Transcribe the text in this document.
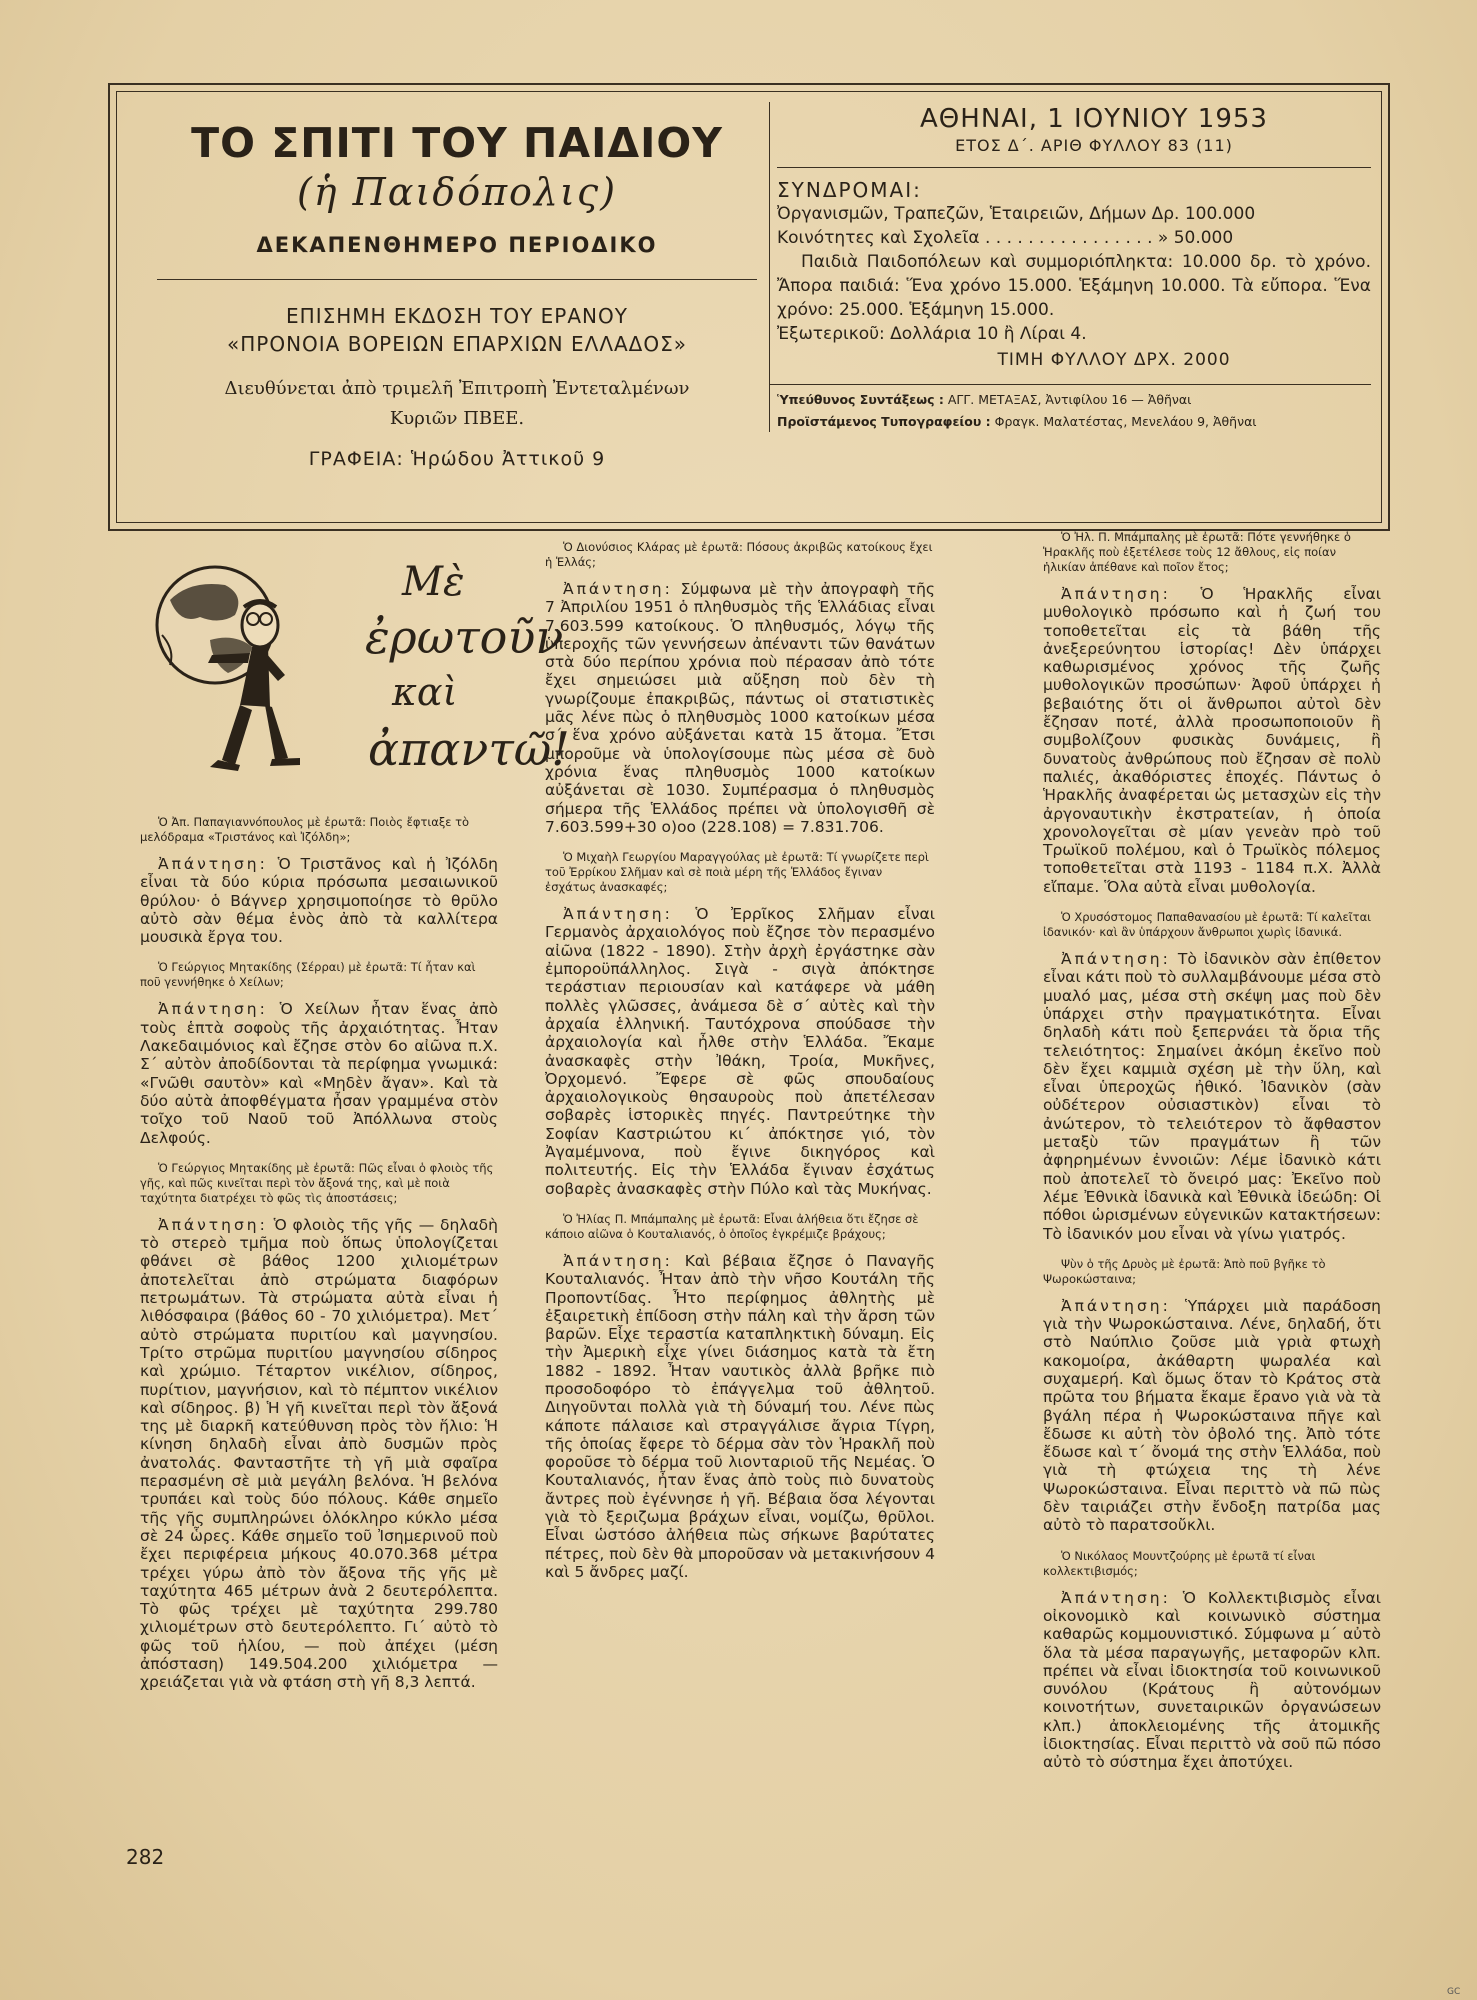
ΤΟ ΣΠΙΤΙ ΤΟΥ ΠΑΙΔΙΟΥ
(ἡ Παιδόπολις)
ΔΕΚΑΠΕΝΘΗΜΕΡΟ ΠΕΡΙΟΔΙΚΟ
ΕΠΙΣΗΜΗ ΕΚΔΟΣΗ ΤΟΥ ΕΡΑΝΟΥ
«ΠΡΟΝΟΙΑ ΒΟΡΕΙΩΝ ΕΠΑΡΧΙΩΝ ΕΛΛΑΔΟΣ»
Διευθύνεται ἀπὸ τριμελῆ Ἐπιτροπὴ Ἐντεταλμένων
Κυριῶν ΠΒΕΕ.
ΓΡΑΦΕΙΑ: Ἡρώδου Ἀττικοῦ 9
ΑΘΗΝΑΙ, 1 ΙΟΥΝΙΟΥ 1953
ΕΤΟΣ Δ΄. ΑΡΙΘ ΦΥΛΛΟΥ 83 (11)
ΣΥΝΔΡΟΜΑΙ:
Ὀργανισμῶν, Τραπεζῶν, Ἑταιρειῶν, Δήμων Δρ. 100.000
Κοινότητες καὶ Σχολεῖα . . . . . . . . . . . . . . . . » 50.000
Παιδιὰ Παιδοπόλεων καὶ συμμοριόπληκτα: 10.000 δρ. τὸ χρόνο. Ἄπορα παιδιά: Ἕνα χρόνο 15.000. Ἑξάμηνη 10.000. Τὰ εὔπορα. Ἕνα χρόνο: 25.000. Ἑξάμηνη 15.000.
Ἐξωτερικοῦ: Δολλάρια 10 ἢ Λίραι 4.
ΤΙΜΗ ΦΥΛΛΟΥ ΔΡΧ. 2000
Ὑπεύθυνος Συντάξεως : ΑΓΓ. ΜΕΤΑΞΑΣ, Ἀντιφίλου 16 — Ἀθῆναι
Προϊστάμενος Τυπογραφείου : Φραγκ. Μαλατέστας, Μενελάου 9, Ἀθῆναι
Μὲ
ἐρωτοῦν
καὶ
ἀπαντῶ!
Ὁ Ἀπ. Παπαγιαννόπουλος μὲ ἐρωτᾶ: Ποιὸς ἔφτιαξε τὸ μελόδραμα «Τριστάνος καὶ Ἰζόλδη»;
Ἀπάντηση: Ὁ Τριστᾶνος καὶ ἡ Ἰζόλδη εἶναι τὰ δύο κύρια πρόσωπα μεσαιωνικοῦ θρύλου· ὁ Βάγνερ χρησιμοποίησε τὸ θρῦλο αὐτὸ σὰν θέμα ἑνὸς ἀπὸ τὰ καλλίτερα μουσικὰ ἔργα του.
Ὁ Γεώργιος Μητακίδης (Σέρραι) μὲ ἐρωτᾶ: Τί ἦταν καὶ ποῦ γεννήθηκε ὁ Χείλων;
Ἀπάντηση: Ὁ Χείλων ἦταν ἕνας ἀπὸ τοὺς ἑπτὰ σοφοὺς τῆς ἀρχαιότητας. Ἦταν Λακεδαιμόνιος καὶ ἔζησε στὸν 6ο αἰῶνα π.Χ. Σ΄ αὐτὸν ἀποδίδονται τὰ περίφημα γνωμικά: «Γνῶθι σαυτὸν» καὶ «Μηδὲν ἄγαν». Καὶ τὰ δύο αὐτὰ ἀποφθέγματα ἦσαν γραμμένα στὸν τοῖχο τοῦ Ναοῦ τοῦ Ἀπόλλωνα στοὺς Δελφούς.
Ὁ Γεώργιος Μητακίδης μὲ ἐρωτᾶ: Πῶς εἶναι ὁ φλοιὸς τῆς γῆς, καὶ πῶς κινεῖται περὶ τὸν ἄξονά της, καὶ μὲ ποιὰ ταχύτητα διατρέχει τὸ φῶς τὶς ἀποστάσεις;
Ἀπάντηση: Ὁ φλοιὸς τῆς γῆς — δηλαδὴ τὸ στερεὸ τμῆμα ποὺ ὅπως ὑπολογίζεται φθάνει σὲ βάθος 1200 χιλιομέτρων ἀποτελεῖται ἀπὸ στρώματα διαφόρων πετρωμάτων. Τὰ στρώματα αὐτὰ εἶναι ἡ λιθόσφαιρα (βάθος 60 - 70 χιλιόμετρα). Μετ΄ αὐτὸ στρώματα πυριτίου καὶ μαγνησίου. Τρίτο στρῶμα πυριτίου μαγνησίου σίδηρος καὶ χρώμιο. Τέταρτον νικέλιον, σίδηρος, πυρίτιον, μαγνήσιον, καὶ τὸ πέμπτον νικέλιον καὶ σίδηρος. β) Ἡ γῆ κινεῖται περὶ τὸν ἄξονά της μὲ διαρκῆ κατεύθυνση πρὸς τὸν ἥλιο: Ἡ κίνηση δηλαδὴ εἶναι ἀπὸ δυσμῶν πρὸς ἀνατολάς. Φανταστῆτε τὴ γῆ μιὰ σφαῖρα περασμένη σὲ μιὰ μεγάλη βελόνα. Ἡ βελόνα τρυπάει καὶ τοὺς δύο πόλους. Κάθε σημεῖο τῆς γῆς συμπληρώνει ὁλόκληρο κύκλο μέσα σὲ 24 ὧρες. Κάθε σημεῖο τοῦ Ἰσημερινοῦ ποὺ ἔχει περιφέρεια μήκους 40.070.368 μέτρα τρέχει γύρω ἀπὸ τὸν ἄξονα τῆς γῆς μὲ ταχύτητα 465 μέτρων ἀνὰ 2 δευτερόλεπτα. Τὸ φῶς τρέχει μὲ ταχύτητα 299.780 χιλιομέτρων στὸ δευτερόλεπτο. Γι΄ αὐτὸ τὸ φῶς τοῦ ἡλίου, — ποὺ ἀπέχει (μέση ἀπόσταση) 149.504.200 χιλιόμετρα — χρειάζεται γιὰ νὰ φτάση στὴ γῆ 8,3 λεπτά.
Ὁ Διονύσιος Κλάρας μὲ ἐρωτᾶ: Πόσους ἀκριβῶς κατοίκους ἔχει ἡ Ἑλλάς;
Ἀπάντηση: Σύμφωνα μὲ τὴν ἀπογραφὴ τῆς 7 Ἀπριλίου 1951 ὁ πληθυσμὸς τῆς Ἑλλάδιας εἶναι 7.603.599 κατοίκους. Ὁ πληθυσμός, λόγῳ τῆς ὑπεροχῆς τῶν γεννήσεων ἀπέναντι τῶν θανάτων στὰ δύο περίπου χρόνια ποὺ πέρασαν ἀπὸ τότε ἔχει σημειώσει μιὰ αὔξηση ποὺ δὲν τὴ γνωρίζουμε ἐπακριβῶς, πάντως οἱ στατιστικὲς μᾶς λένε πὼς ὁ πληθυσμὸς 1000 κατοίκων μέσα σ΄ ἕνα χρόνο αὐξάνεται κατὰ 15 ἄτομα. Ἔτσι μποροῦμε νὰ ὑπολογίσουμε πὼς μέσα σὲ δυὸ χρόνια ἕνας πληθυσμὸς 1000 κατοίκων αὐξάνεται σὲ 1030. Συμπέρασμα ὁ πληθυσμὸς σήμερα τῆς Ἑλλάδος πρέπει νὰ ὑπολογισθῆ σὲ 7.603.599+30 ο)οο (228.108) = 7.831.706.
Ὁ Μιχαὴλ Γεωργίου Μαραγγούλας μὲ ἐρωτᾶ: Τί γνωρίζετε περὶ τοῦ Ἐρρίκου Σλῆμαν καὶ σὲ ποιὰ μέρη τῆς Ἑλλάδος ἔγιναν ἐσχάτως ἀνασκαφές;
Ἀπάντηση: Ὁ Ἐρρῖκος Σλῆμαν εἶναι Γερμανὸς ἀρχαιολόγος ποὺ ἔζησε τὸν περασμένο αἰῶνα (1822 - 1890). Στὴν ἀρχὴ ἐργάστηκε σὰν ἐμποροϋπάλληλος. Σιγὰ - σιγὰ ἀπόκτησε τεράστιαν περιουσίαν καὶ κατάφερε νὰ μάθη πολλὲς γλῶσσες, ἀνάμεσα δὲ σ΄ αὐτὲς καὶ τὴν ἀρχαία ἑλληνική. Ταυτόχρονα σπούδασε τὴν ἀρχαιολογία καὶ ἦλθε στὴν Ἑλλάδα. Ἔκαμε ἀνασκαφὲς στὴν Ἰθάκη, Τροία, Μυκῆνες, Ὀρχομενό. Ἔφερε σὲ φῶς σπουδαίους ἀρχαιολογικοὺς θησαυροὺς ποὺ ἀπετέλεσαν σοβαρὲς ἱστορικὲς πηγές. Παντρεύτηκε τὴν Σοφίαν Καστριώτου κι΄ ἀπόκτησε γιό, τὸν Ἀγαμέμνονα, ποὺ ἔγινε δικηγόρος καὶ πολιτευτής. Εἰς τὴν Ἑλλάδα ἔγιναν ἐσχάτως σοβαρὲς ἀνασκαφὲς στὴν Πύλο καὶ τὰς Μυκήνας.
Ὁ Ἠλίας Π. Μπάμπαλης μὲ ἐρωτᾶ: Εἶναι ἀλήθεια ὅτι ἔζησε σὲ κάποιο αἰῶνα ὁ Κουταλιανός, ὁ ὁποῖος ἐγκρέμιζε βράχους;
Ἀπάντηση: Καὶ βέβαια ἔζησε ὁ Παναγῆς Κουταλιανός. Ἦταν ἀπὸ τὴν νῆσο Κουτάλη τῆς Προποντίδας. Ἦτο περίφημος ἀθλητὴς μὲ ἐξαιρετικὴ ἐπίδοση στὴν πάλη καὶ τὴν ἄρση τῶν βαρῶν. Εἶχε τεραστία καταπληκτικὴ δύναμη. Εἰς τὴν Ἀμερικὴ εἶχε γίνει διάσημος κατὰ τὰ ἔτη 1882 - 1892. Ἦταν ναυτικὸς ἀλλὰ βρῆκε πιὸ προσοδοφόρο τὸ ἐπάγγελμα τοῦ ἀθλητοῦ. Διηγοῦνται πολλὰ γιὰ τὴ δύναμή του. Λένε πὼς κάποτε πάλαισε καὶ στραγγάλισε ἄγρια Τίγρη, τῆς ὁποίας ἔφερε τὸ δέρμα σὰν τὸν Ἡρακλῆ ποὺ φοροῦσε τὸ δέρμα τοῦ λιονταριοῦ τῆς Νεμέας. Ὁ Κουταλιανός, ἦταν ἕνας ἀπὸ τοὺς πιὸ δυνατοὺς ἄντρες ποὺ ἐγέννησε ἡ γῆ. Βέβαια ὅσα λέγονται γιὰ τὸ ξεριζωμα βράχων εἶναι, νομίζω, θρῦλοι. Εἶναι ὡστόσο ἀλήθεια πὼς σήκωνε βαρύτατες πέτρες, ποὺ δὲν θὰ μποροῦσαν νὰ μετακινήσουν 4 καὶ 5 ἄνδρες μαζί.
Ὁ Ἠλ. Π. Μπάμπαλης μὲ ἐρωτᾶ: Πότε γεννήθηκε ὁ Ἡρακλῆς ποὺ ἐξετέλεσε τοὺς 12 ἄθλους, εἰς ποίαν ἡλικίαν ἀπέθανε καὶ ποῖον ἔτος;
Ἀπάντηση: Ὁ Ἡρακλῆς εἶναι μυθολογικὸ πρόσωπο καὶ ἡ ζωή του τοποθετεῖται εἰς τὰ βάθη τῆς ἀνεξερεύνητου ἱστορίας! Δὲν ὑπάρχει καθωρισμένος χρόνος τῆς ζωῆς μυθολογικῶν προσώπων· Ἀφοῦ ὑπάρχει ἡ βεβαιότης ὅτι οἱ ἄνθρωποι αὐτοὶ δὲν ἔζησαν ποτέ, ἀλλὰ προσωποποιοῦν ἢ συμβολίζουν φυσικὰς δυνάμεις, ἢ δυνατοὺς ἀνθρώπους ποὺ ἔζησαν σὲ πολὺ παλιές, ἀκαθόριστες ἐποχές. Πάντως ὁ Ἡρακλῆς ἀναφέρεται ὡς μετασχὼν εἰς τὴν ἀργοναυτικὴν ἐκστρατείαν, ἡ ὁποία χρονολογεῖται σὲ μίαν γενεὰν πρὸ τοῦ Τρωϊκοῦ πολέμου, καὶ ὁ Τρωϊκὸς πόλεμος τοποθετεῖται στὰ 1193 - 1184 π.Χ. Ἀλλὰ εἴπαμε. Ὅλα αὐτὰ εἶναι μυθολογία.
Ὁ Χρυσόστομος Παπαθανασίου μὲ ἐρωτᾶ: Τί καλεῖται ἰδανικόν· καὶ ἂν ὑπάρχουν ἄνθρωποι χωρὶς ἰδανικά.
Ἀπάντηση: Τὸ ἰδανικὸν σὰν ἐπίθετον εἶναι κάτι ποὺ τὸ συλλαμβάνουμε μέσα στὸ μυαλό μας, μέσα στὴ σκέψη μας ποὺ δὲν ὑπάρχει στὴν πραγματικότητα. Εἶναι δηλαδὴ κάτι ποὺ ξεπερνάει τὰ ὅρια τῆς τελειότητος: Σημαίνει ἀκόμη ἐκεῖνο ποὺ δὲν ἔχει καμμιὰ σχέση μὲ τὴν ὕλη, καὶ εἶναι ὑπεροχῶς ἠθικό. Ἰδανικὸν (σὰν οὐδέτερον οὐσιαστικὸν) εἶναι τὸ ἀνώτερον, τὸ τελειότερον τὸ ἄφθαστον μεταξὺ τῶν πραγμάτων ἢ τῶν ἀφηρημένων ἐννοιῶν: Λέμε ἰδανικὸ κάτι ποὺ ἀποτελεῖ τὸ ὄνειρό μας: Ἐκεῖνο ποὺ λέμε Ἐθνικὰ ἰδανικὰ καὶ Ἐθνικὰ ἰδεώδη: Οἱ πόθοι ὡρισμένων εὐγενικῶν κατακτήσεων: Τὸ ἰδανικόν μου εἶναι νὰ γίνω γιατρός.
Ψὺν ὁ τῆς Δρυὸς μὲ ἐρωτᾶ: Ἀπὸ ποῦ βγῆκε τὸ Ψωροκώσταινα;
Ἀπάντηση: Ὑπάρχει μιὰ παράδοση γιὰ τὴν Ψωροκώσταινα. Λένε, δηλαδή, ὅτι στὸ Ναύπλιο ζοῦσε μιὰ γριὰ φτωχὴ κακομοίρα, ἀκάθαρτη ψωραλέα καὶ συχαμερή. Καὶ ὅμως ὅταν τὸ Κράτος στὰ πρῶτα του βήματα ἔκαμε ἔρανο γιὰ νὰ τὰ βγάλη πέρα ἡ Ψωροκώσταινα πῆγε καὶ ἔδωσε κι αὐτὴ τὸν ὀβολό της. Ἀπὸ τότε ἔδωσε καὶ τ΄ ὄνομά της στὴν Ἑλλάδα, ποὺ γιὰ τὴ φτώχεια της τὴ λένε Ψωροκώσταινα. Εἶναι περιττὸ νὰ πῶ πὼς δὲν ταιριάζει στὴν ἔνδοξη πατρίδα μας αὐτὸ τὸ παρατσοὔκλι.
Ὁ Νικόλαος Μουντζούρης μὲ ἐρωτᾶ τί εἶναι κολλεκτιβισμός;
Ἀπάντηση: Ὁ Κολλεκτιβισμὸς εἶναι οἰκονομικὸ καὶ κοινωνικὸ σύστημα καθαρῶς κομμουνιστικό. Σύμφωνα μ΄ αὐτὸ ὅλα τὰ μέσα παραγωγῆς, μεταφορῶν κλπ. πρέπει νὰ εἶναι ἰδιοκτησία τοῦ κοινωνικοῦ συνόλου (Κράτους ἢ αὐτονόμων κοινοτήτων, συνεταιρικῶν ὀργανώσεων κλπ.) ἀποκλειομένης τῆς ἀτομικῆς ἰδιοκτησίας. Εἶναι περιττὸ νὰ σοῦ πῶ πόσο αὐτὸ τὸ σύστημα ἔχει ἀποτύχει.
282
GC
